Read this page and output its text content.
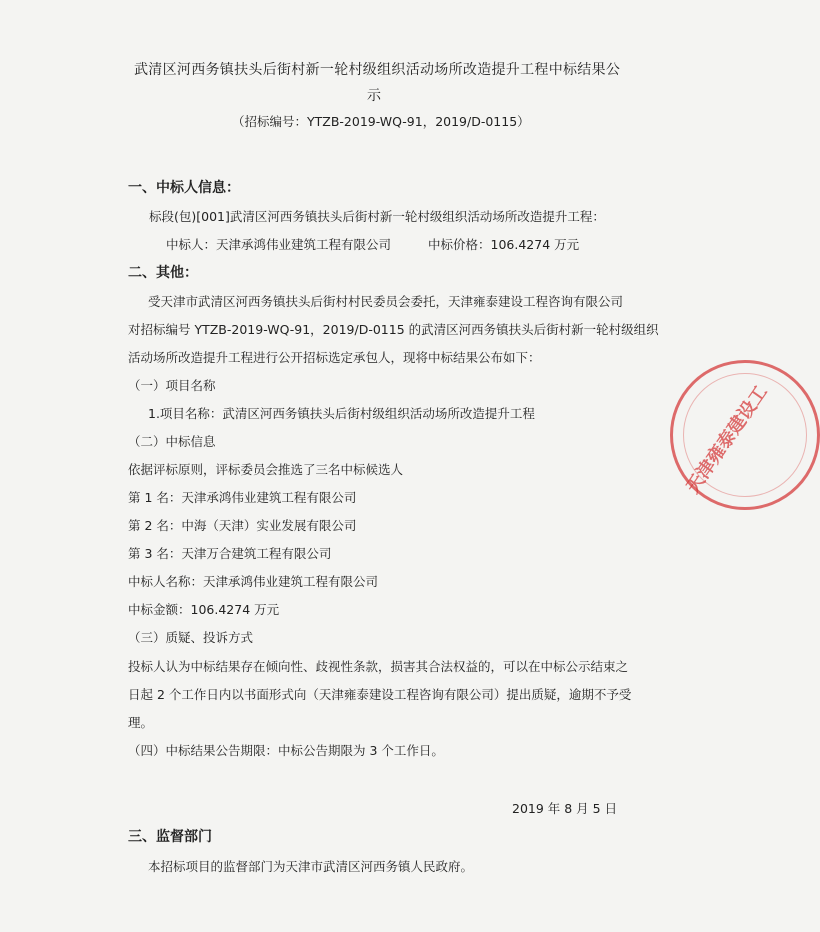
武清区河西务镇扶头后街村新一轮村级组织活动场所改造提升工程中标结果公
示
（招标编号：YTZB-2019-WQ-91，2019/D-0115）
一、中标人信息：
标段(包)[001]武清区河西务镇扶头后街村新一轮村级组织活动场所改造提升工程：
中标人：天津承鸿伟业建筑工程有限公司	中标价格：106.4274 万元
二、其他：
受天津市武清区河西务镇扶头后街村村民委员会委托，天津雍泰建设工程咨询有限公司
对招标编号 YTZB-2019-WQ-91，2019/D-0115 的武清区河西务镇扶头后街村新一轮村级组织
活动场所改造提升工程进行公开招标选定承包人，现将中标结果公布如下：
（一）项目名称
1.项目名称：武清区河西务镇扶头后街村级组织活动场所改造提升工程
（二）中标信息
依据评标原则，评标委员会推选了三名中标候选人
第 1 名：天津承鸿伟业建筑工程有限公司
第 2 名：中海（天津）实业发展有限公司
第 3 名：天津万合建筑工程有限公司
中标人名称：天津承鸿伟业建筑工程有限公司
中标金额：106.4274 万元
（三）质疑、投诉方式
投标人认为中标结果存在倾向性、歧视性条款，损害其合法权益的，可以在中标公示结束之
日起 2 个工作日内以书面形式向（天津雍泰建设工程咨询有限公司）提出质疑，逾期不予受
理。
（四）中标结果公告期限：中标公告期限为 3 个工作日。
2019 年 8 月 5 日
三、监督部门
本招标项目的监督部门为天津市武清区河西务镇人民政府。
天津雍泰建设工
